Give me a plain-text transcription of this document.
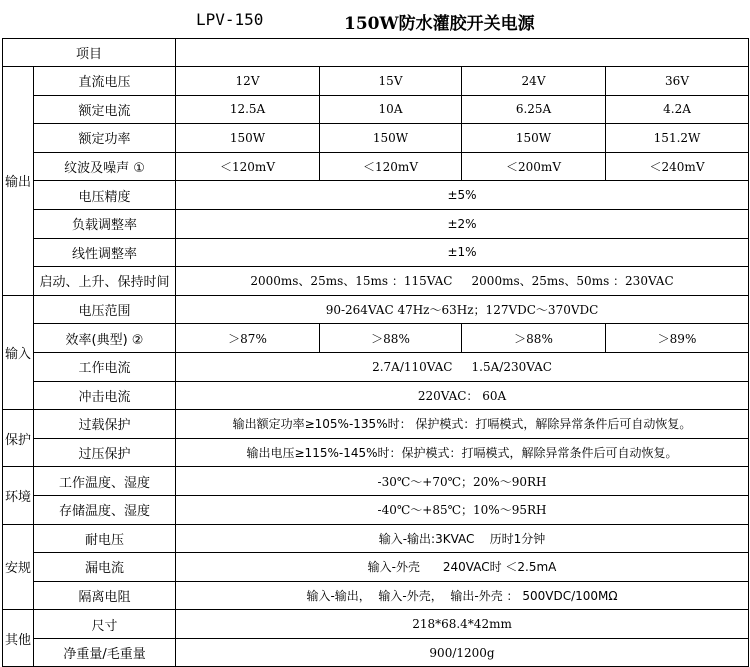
LPV-150	150W防水灌胶开关电源
项目					
输出	直流电压	12V	15V	24V	36V
	额定电流	12.5A	10A	6.25A	4.2A
	额定功率	150W	150W	150W	151.2W
	纹波及噪声 ①	＜120mV	＜120mV	＜200mV	＜240mV
	电压精度	±5%			
	负载调整率	±2%			
	线性调整率	±1%			
	启动、上升、保持时间	2000ms、25ms、15ms ：115VAC     2000ms、25ms、50ms ：230VAC			
输入	电压范围	90-264VAC 47Hz～63Hz；127VDC～370VDC			
	效率(典型) ②	＞87%	＞88%	＞88%	＞89%
	工作电流	2.7A/110VAC     1.5A/230VAC			
	冲击电流	220VAC： 60A			
保护	过载保护	输出额定功率≥105%-135%时： 保护模式：打嗝模式，解除异常条件后可自动恢复。			
	过压保护	输出电压≥115%-145%时：保护模式：打嗝模式，解除异常条件后可自动恢复。			
环境	工作温度、湿度	-30℃～+70℃；20%～90RH			
	存储温度、湿度	-40℃～+85℃；10%～95RH			
安规	耐电压	输入-输出:3KVAC    历时1分钟			
	漏电流	输入-外壳      240VAC时 ＜2.5mA			
	隔离电阻	输入-输出，  输入-外壳，  输出-外壳 ： 500VDC/100MΩ			
其他	尺寸	218*68.4*42mm			
	净重量/毛重量	900/1200g			
